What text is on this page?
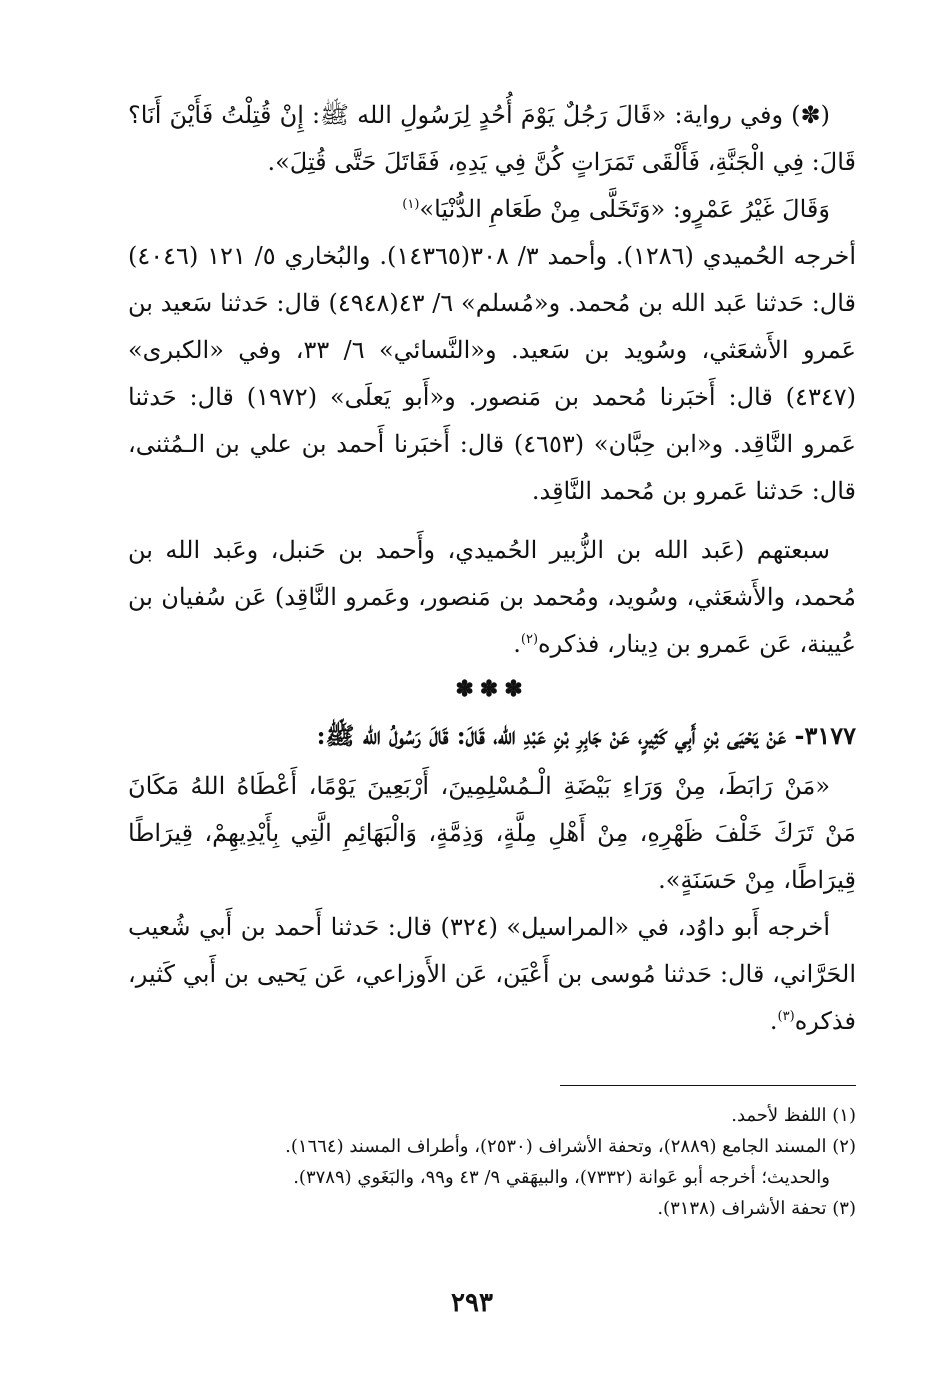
(✽) وفي رواية: «قَالَ رَجُلٌ يَوْمَ أُحُدٍ لِرَسُولِ الله ﷺ: إِنْ قُتِلْتُ فَأَيْنَ أَنَا؟ قَالَ: فِي الْجَنَّةِ، فَأَلْقَى تَمَرَاتٍ كُنَّ فِي يَدِهِ، فَقَاتَلَ حَتَّى قُتِلَ».

وَقَالَ غَيْرُ عَمْرٍو: «وَتَخَلَّى مِنْ طَعَامِ الدُّنْيَا»$^{(١)}$

أخرجه الحُميدي (١٢٨٦). وأحمد ٣/ ٣٠٨(١٤٣٦٥). والبُخاري ٥/ ١٢١ (٤٠٤٦) قال: حَدثنا عَبد الله بن مُحمد. و«مُسلم» ٦/ ٤٣(٤٩٤٨) قال: حَدثنا سَعيد بن عَمرو الأَشعَثي، وسُويد بن سَعيد. و«النَّسائي» ٦/ ٣٣، وفي «الكبرى» (٤٣٤٧) قال: أَخبَرنا مُحمد بن مَنصور. و«أَبو يَعلَى» (١٩٧٢) قال: حَدثنا عَمرو النَّاقِد. و«ابن حِبَّان» (٤٦٥٣) قال: أَخبَرنا أَحمد بن علي بن الـمُثنى، قال: حَدثنا عَمرو بن مُحمد النَّاقِد.

سبعتهم (عَبد الله بن الزُّبير الحُميدي، وأَحمد بن حَنبل، وعَبد الله بن مُحمد، والأَشعَثي، وسُويد، ومُحمد بن مَنصور، وعَمرو النَّاقِد) عَن سُفيان بن عُيينة، عَن عَمرو بن دِينار، فذكره$^{(٢)}$.

✽✽✽

٣١٧٧- عَنْ يَحْيَى بْنِ أَبِي كَثِيرٍ، عَنْ جَابِرِ بْنِ عَبْدِ الله، قَالَ: قَالَ رَسُولُ الله ﷺ:

«مَنْ رَابَطَ، مِنْ وَرَاءِ بَيْضَةِ الْـمُسْلِمِينَ، أَرْبَعِينَ يَوْمًا، أَعْطَاهُ اللهُ مَكَانَ مَنْ تَرَكَ خَلْفَ ظَهْرِهِ، مِنْ أَهْلِ مِلَّةٍ، وَذِمَّةٍ، وَالْبَهَائِمِ الَّتِي بِأَيْدِيهِمْ، قِيرَاطًا قِيرَاطًا، مِنْ حَسَنَةٍ».

أخرجه أَبو داوُد، في «المراسيل» (٣٢٤) قال: حَدثنا أَحمد بن أَبي شُعيب الحَرَّاني، قال: حَدثنا مُوسى بن أَعْيَن، عَن الأَوزاعي، عَن يَحيى بن أَبي كَثير، فذكره$^{(٣)}$.

(١) اللفظ لأحمد.

(٢) المسند الجامع (٢٨٨٩)، وتحفة الأشراف (٢٥٣٠)، وأطراف المسند (١٦٦٤).

والحديث؛ أخرجه أبو عَوانة (٧٣٣٢)، والبيهَقي ٩/ ٤٣ و٩٩، والبَغَوي (٣٧٨٩).

(٣) تحفة الأشراف (٣١٣٨).

٢٩٣
